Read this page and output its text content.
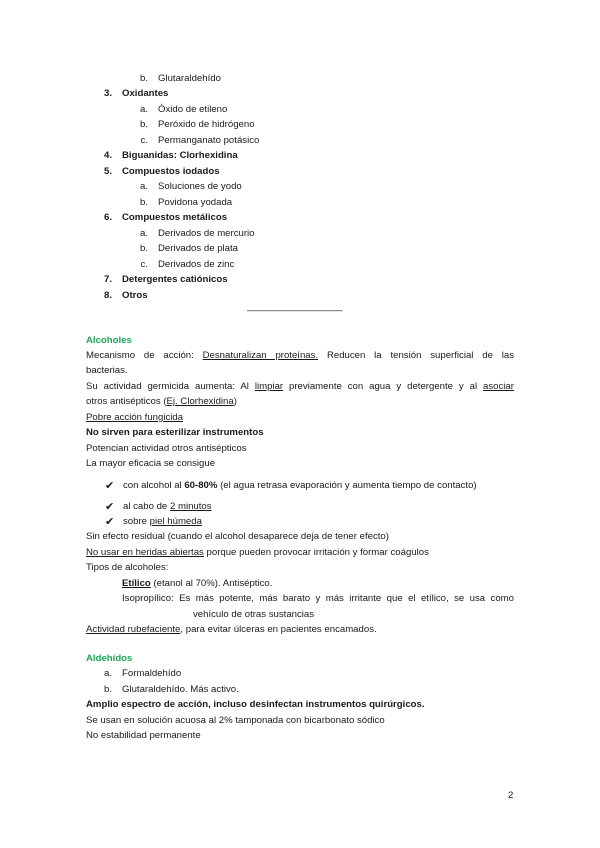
b. Glutaraldehído
3. Oxidantes
a. Óxido de etileno
b. Peróxido de hidrógeno
c. Permanganato potásico
4. Biguanidas: Clorhexidina
5. Compuestos iodados
a. Soluciones de yodo
b. Povidona yodada
6. Compuestos metálicos
a. Derivados de mercurio
b. Derivados de plata
c. Derivados de zinc
7. Detergentes catiónicos
8. Otros
———————————
Alcoholes
Mecanismo de acción: Desnaturalizan proteínas. Reducen la tensión superficial de las
bacterias.
Su actividad germicida aumenta: Al limpiar previamente con agua y detergente y al asociar
otros antisépticos (Ej. Clorhexidina)
Pobre acción fungicida
No sirven para esterilizar instrumentos
Potencian actividad otros antisépticos
La mayor eficacia se consigue
✔ con alcohol al 60-80% (el agua retrasa evaporación y aumenta tiempo de contacto)
✔ al cabo de 2 minutos
✔ sobre piel húmeda
Sin efecto residual (cuando el alcohol desaparece deja de tener efecto)
No usar en heridas abiertas porque pueden provocar irritación y formar coágulos
Tipos de alcoholes:
Etílico (etanol al 70%). Antiséptico.
Isopropílico: Es más potente, más barato y más irritante que el etílico, se usa como
vehículo de otras sustancias
Actividad rubefaciente, para evitar úlceras en pacientes encamados.
Aldehídos
a. Formaldehído
b. Glutaraldehído. Más activo.
Amplio espectro de acción, incluso desinfectan instrumentos quirúrgicos.
Se usan en solución acuosa al 2% tamponada con bicarbonato sódico
No estabilidad permanente
2
